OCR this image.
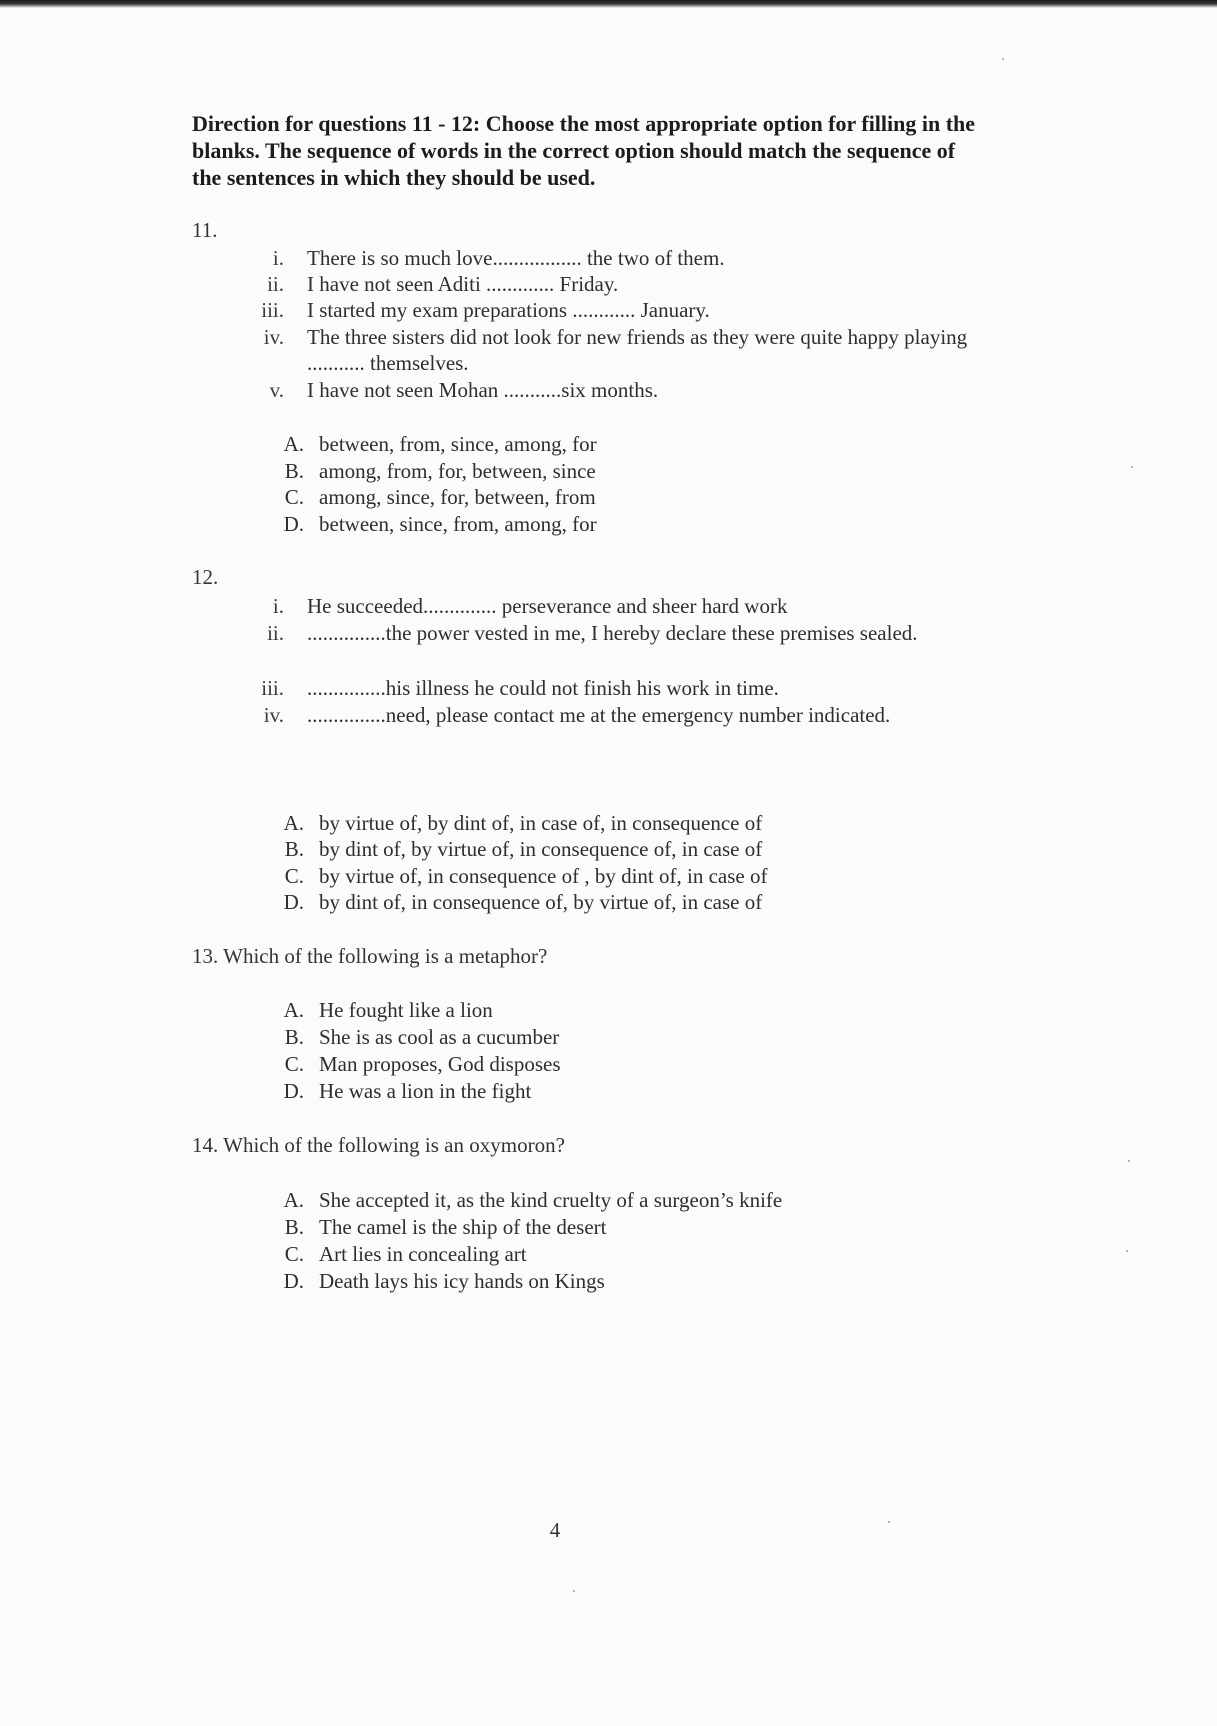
Direction for questions 11 - 12: Choose the most appropriate option for filling in the blanks. The sequence of words in the correct option should match the sequence of the sentences in which they should be used.

11.
i. There is so much love................. the two of them.
ii. I have not seen Aditi ............. Friday.
iii. I started my exam preparations ............ January.
iv. The three sisters did not look for new friends as they were quite happy playing ........... themselves.
v. I have not seen Mohan ...........six months.
A. between, from, since, among, for
B. among, from, for, between, since
C. among, since, for, between, from
D. between, since, from, among, for
12.
i. He succeeded.............. perseverance and sheer hard work
ii. ...............the power vested in me, I hereby declare these premises sealed.
iii. ...............his illness he could not finish his work in time.
iv. ...............need, please contact me at the emergency number indicated.
A. by virtue of, by dint of, in case of, in consequence of
B. by dint of, by virtue of, in consequence of, in case of
C. by virtue of, in consequence of , by dint of, in case of
D. by dint of, in consequence of, by virtue of, in case of
13. Which of the following is a metaphor?
A. He fought like a lion
B. She is as cool as a cucumber
C. Man proposes, God disposes
D. He was a lion in the fight
14. Which of the following is an oxymoron?
A. She accepted it, as the kind cruelty of a surgeon’s knife
B. The camel is the ship of the desert
C. Art lies in concealing art
D. Death lays his icy hands on Kings
4
